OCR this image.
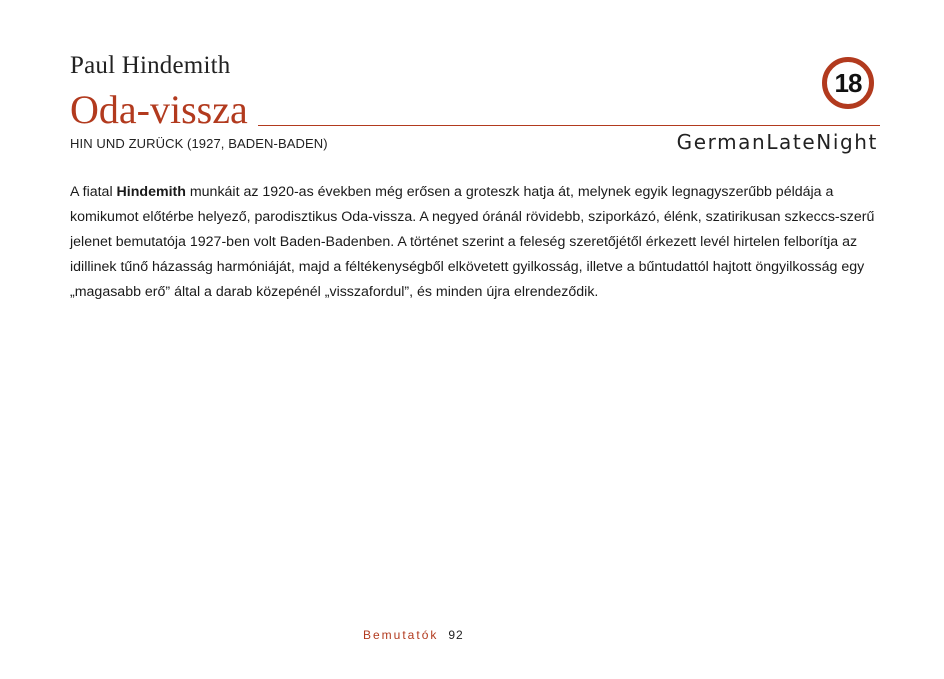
Paul Hindemith
Oda-vissza
18
HIN UND ZURÜCK (1927, BADEN-BADEN)	GermanLateNight
A fiatal Hindemith munkáit az 1920-as években még erősen a groteszk hatja át, melynek egyik legnagyszerűbb példája a komikumot előtérbe helyező, parodisztikus Oda-vissza. A negyed óránál rövidebb, sziporkázó, élénk, szatirikusan szkeccs-szerű jelenet bemutatója 1927-ben volt Baden-Badenben. A történet szerint a feleség szeretőjétől érkezett levél hirtelen felborítja az idillinek tűnő házasság harmóniáját, majd a féltékenységből elkövetett gyilkosság, illetve a bűntudattól hajtott öngyilkosság egy „magasabb erő” által a darab közepénél „visszafordul”, és minden újra elrendeződik.
Bemutatók 92
